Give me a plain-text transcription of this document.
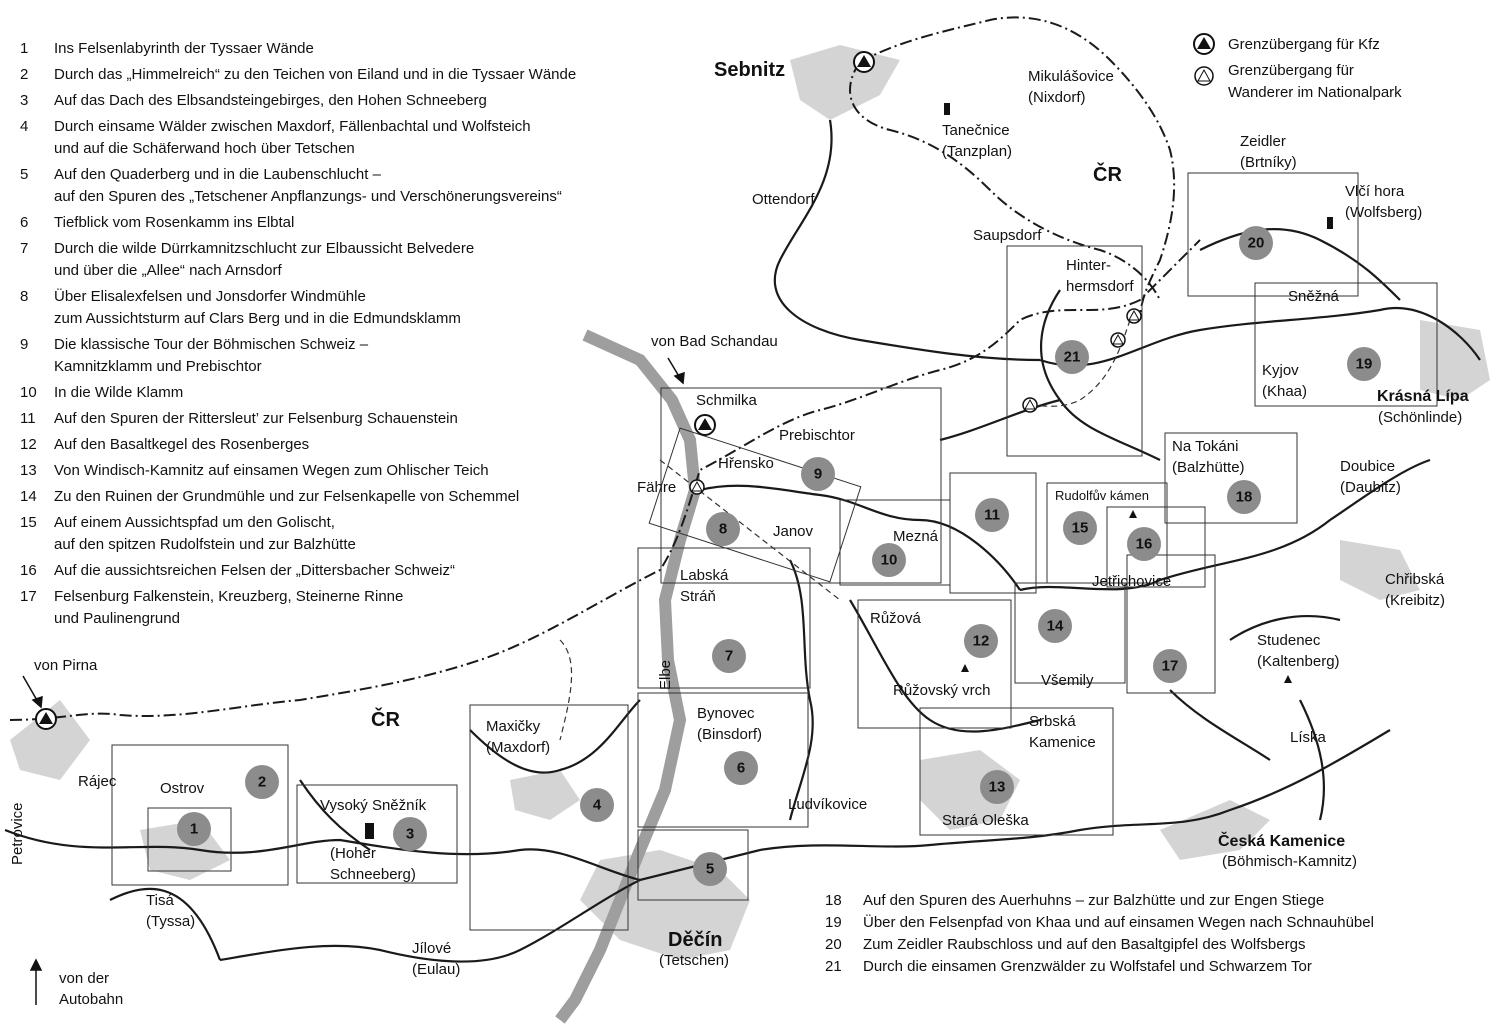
1
2
3
4
5
6
7
8
9
10
11
12
13
14
15
16
17
18
19
20
21
Sebnitz	Mikulášovice (Nixdorf)
Tanečnice (Tanzplan)
ČR
Zeidler (Brtníky)
Vlčí hora (Wolfsberg)
Ottendorf
Saupsdorf
Hinter-hermsdorf
Sněžná
Kyjov (Khaa)	Krásná Lípa
(Schönlinde)
von Bad Schandau
Schmilka
Prebischtor
Na Tokáni (Balzhütte)
Hřensko
Fähre
Doubice (Daubitz)
Rudolfův kámen
Janov	Mezná
Jetřichovice	Chřibská (Kreibitz)
Labská Stráň
Růžová
Studenec (Kaltenberg)
Elbe
Růžovský vrch
Všemily
von Pirna
ČR	Maxičky (Maxdorf)
Bynovec (Binsdorf)
Srbská Kamenice	Líska
Rájec	Ostrov
Vysoký Sněžník
(Hoher Schneeberg)
Ludvíkovice
Stará Oleška
Česká Kamenice
(Böhmisch-Kamnitz)
Petrovice
Tisá (Tyssa)
Jílové (Eulau)
Děčín
(Tetschen)
von der Autobahn
Grenzübergang für Kfz
Grenzübergang für
Wanderer im Nationalpark
1	Ins Felsenlabyrinth der Tyssaer Wände
2	Durch das „Himmelreich“ zu den Teichen von Eiland und in die Tyssaer Wände
3	Auf das Dach des Elbsandsteingebirges, den Hohen Schneeberg
4	Durch einsame Wälder zwischen Maxdorf, Fällenbachtal und Wolfsteich
und auf die Schäferwand hoch über Tetschen
5	Auf den Quaderberg und in die Laubenschlucht –
auf den Spuren des „Tetschener Anpflanzungs- und Verschönerungsvereins“
6	Tiefblick vom Rosenkamm ins Elbtal
7	Durch die wilde Dürrkamnitzschlucht zur Elbaussicht Belvedere
und über die „Allee“ nach Arnsdorf
8	Über Elisalexfelsen und Jonsdorfer Windmühle
zum Aussichtsturm auf Clars Berg und in die Edmundsklamm
9	Die klassische Tour der Böhmischen Schweiz –
Kamnitzklamm und Prebischtor
10	In die Wilde Klamm
11	Auf den Spuren der Rittersleut’ zur Felsenburg Schauenstein
12	Auf den Basaltkegel des Rosenberges
13	Von Windisch-Kamnitz auf einsamen Wegen zum Ohlischer Teich
14	Zu den Ruinen der Grundmühle und zur Felsenkapelle von Schemmel
15	Auf einem Aussichtspfad um den Golischt,
auf den spitzen Rudolfstein und zur Balzhütte
16	Auf die aussichtsreichen Felsen der „Dittersbacher Schweiz“
17	Felsenburg Falkenstein, Kreuzberg, Steinerne Rinne
und Paulinengrund
18	Auf den Spuren des Auerhuhns – zur Balzhütte und zur Engen Stiege
19	Über den Felsenpfad von Khaa und auf einsamen Wegen nach Schnauhübel
20	Zum Zeidler Raubschloss und auf den Basaltgipfel des Wolfsbergs
21	Durch die einsamen Grenzwälder zu Wolfstafel und Schwarzem Tor
